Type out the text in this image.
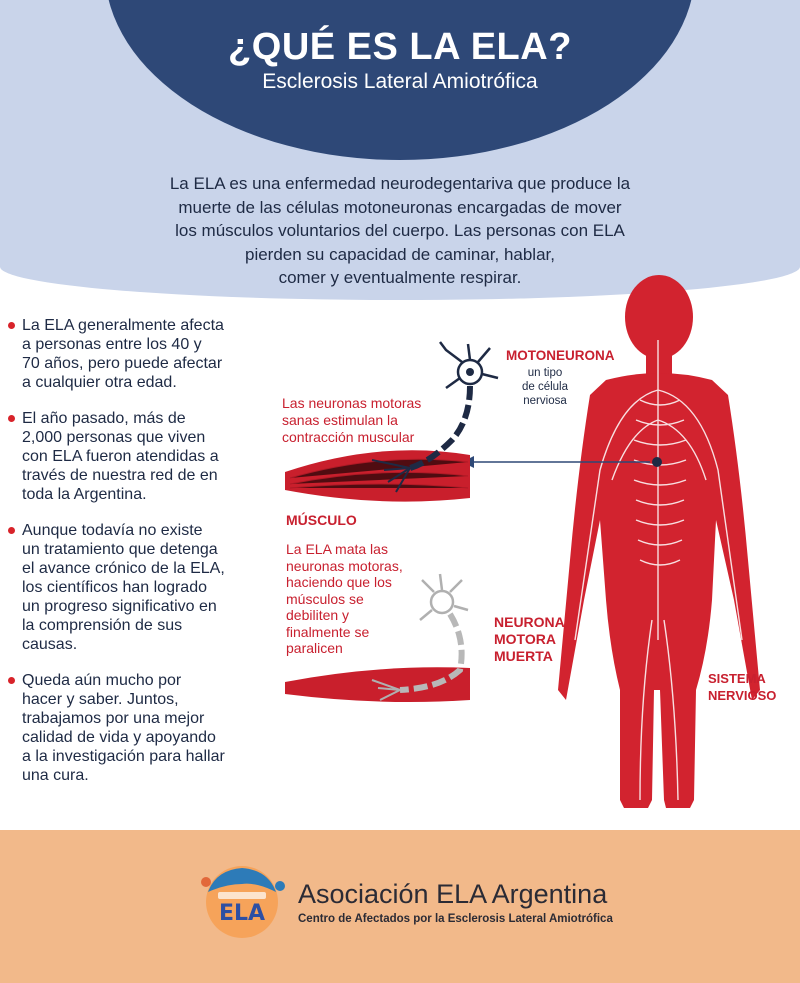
¿QUÉ ES LA ELA?
Esclerosis Lateral Amiotrófica
La ELA es una enfermedad neurodegentariva que produce la
muerte de las células motoneuronas encargadas de mover
los músculos voluntarios del cuerpo. Las personas con ELA
pierden su capacidad de caminar, hablar,
comer y eventualmente respirar.
La ELA generalmente afecta
a personas entre los 40 y
70 años, pero puede afectar
a cualquier otra edad.
El año pasado, más de
2,000 personas que viven
con ELA fueron atendidas a
través de nuestra red de en
toda la Argentina.
Aunque todavía no existe
un tratamiento que detenga
el avance crónico de la ELA,
los científicos han logrado
un progreso significativo en
la comprensión de sus
causas.
Queda aún mucho por
hacer y saber. Juntos,
trabajamos por una mejor
calidad de vida y apoyando
a la investigación para hallar
una cura.
Las neuronas motoras
sanas estimulan la
contracción muscular
MOTONEURONA
un tipo
de célula
nerviosa
MÚSCULO
La ELA mata las
neuronas motoras,
haciendo que los
músculos se
debiliten y
finalmente se
paralicen
NEURONA
MOTORA
MUERTA
SISTEMA
NERVIOSO
ELA
Asociación ELA Argentina
Centro de Afectados por la Esclerosis Lateral Amiotrófica
